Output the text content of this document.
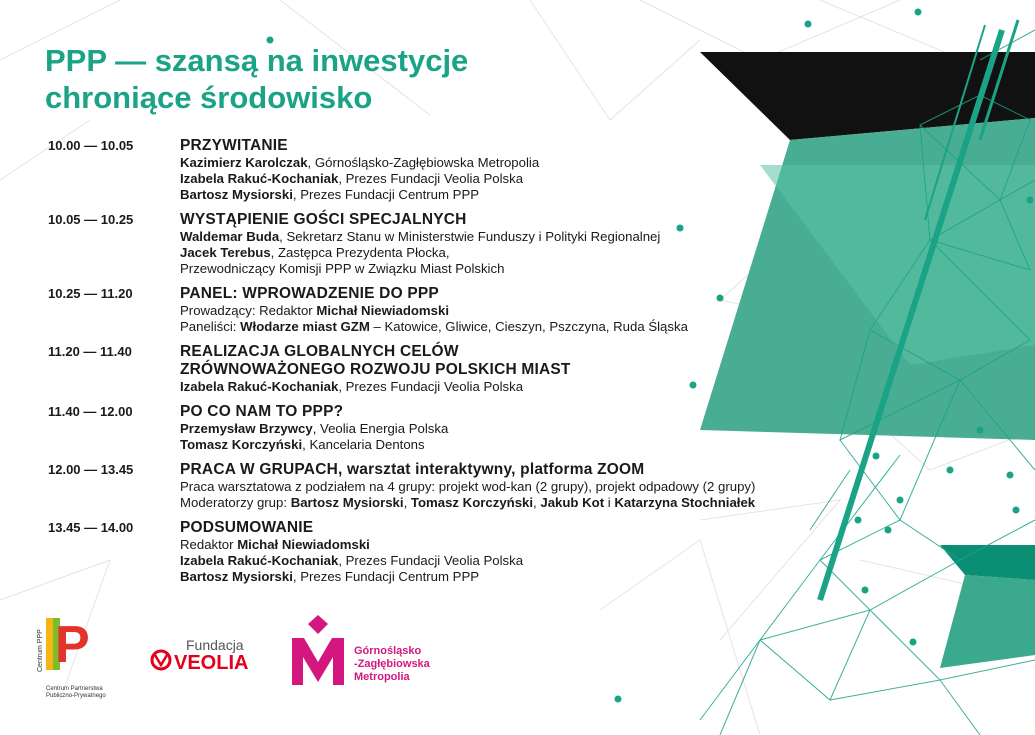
PPP — szansą na inwestycje
chroniące środowisko
10.00 — 10.05	PRZYWITANIE
Kazimierz Karolczak, Górnośląsko-Zagłębiowska Metropolia
Izabela Rakuć-Kochaniak, Prezes Fundacji Veolia Polska
Bartosz Mysiorski, Prezes Fundacji Centrum PPP
10.05 — 10.25	WYSTĄPIENIE GOŚCI SPECJALNYCH
Waldemar Buda, Sekretarz Stanu w Ministerstwie Funduszy i Polityki Regionalnej
Jacek Terebus, Zastępca Prezydenta Płocka,
Przewodniczący Komisji PPP w Związku Miast Polskich
10.25 — 11.20	PANEL: WPROWADZENIE DO PPP
Prowadzący: Redaktor Michał Niewiadomski
Paneliści: Włodarze miast GZM – Katowice, Gliwice, Cieszyn, Pszczyna, Ruda Śląska
11.20 — 11.40	REALIZACJA GLOBALNYCH CELÓW
ZRÓWNOWAŻONEGO ROZWOJU POLSKICH MIAST
Izabela Rakuć-Kochaniak, Prezes Fundacji Veolia Polska
11.40 — 12.00	PO CO NAM TO PPP?
Przemysław Brzywcy, Veolia Energia Polska
Tomasz Korczyński, Kancelaria Dentons
12.00 — 13.45	PRACA W GRUPACH, warsztat interaktywny, platforma ZOOM
Praca warsztatowa z podziałem na 4 grupy: projekt wod-kan (2 grupy), projekt odpadowy (2 grupy)
Moderatorzy grup: Bartosz Mysiorski, Tomasz Korczyński, Jakub Kot i Katarzyna Stochniałek
13.45 — 14.00	PODSUMOWANIE
Redaktor Michał Niewiadomski
Izabela Rakuć-Kochaniak, Prezes Fundacji Veolia Polska
Bartosz Mysiorski, Prezes Fundacji Centrum PPP
Centrum PPP P
Centrum Partnerstwa
Publiczno-Prywatnego
Fundacja
VEOLIA
Górnośląsko
-Zagłębiowska
Metropolia
